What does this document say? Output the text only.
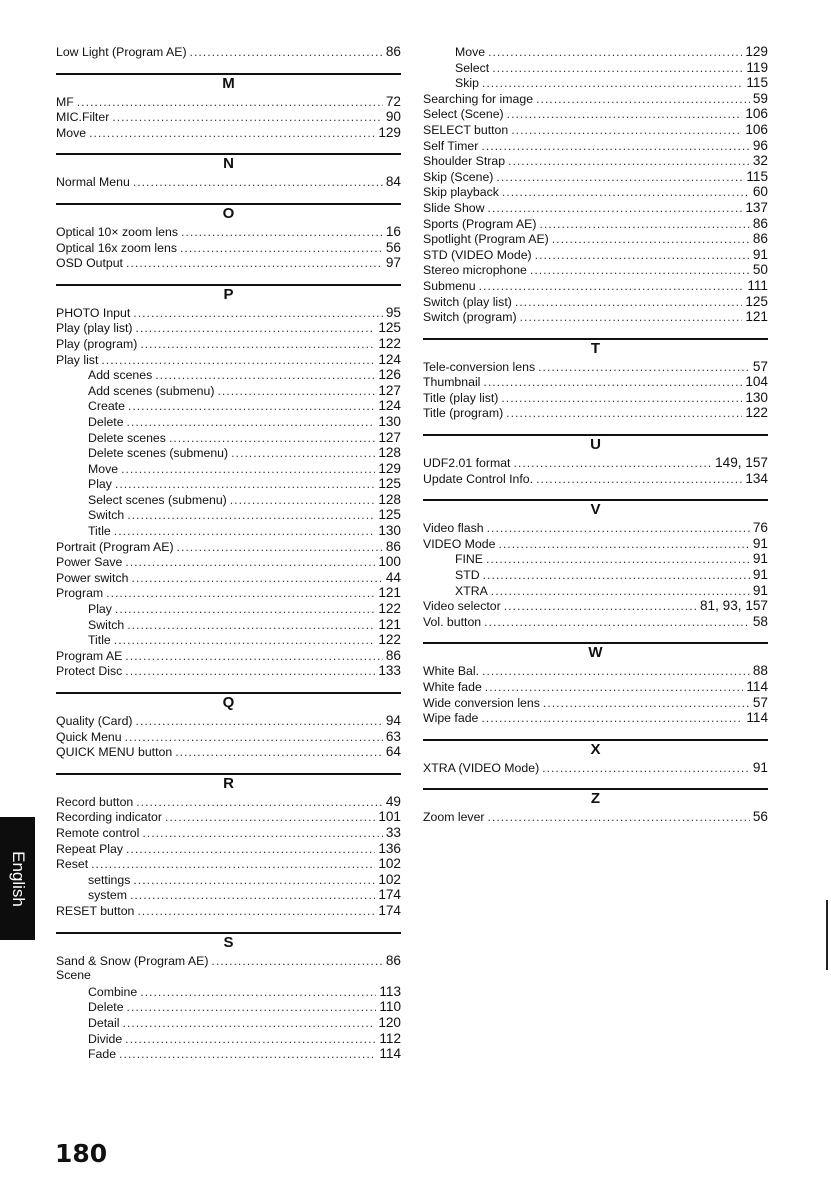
Low Light (Program AE) .....	86
M
MF .....	72
MIC.Filter .....	90
Move .....	129
N
Normal Menu .....	84
O
Optical 10× zoom lens .....	16
Optical 16x zoom lens .....	56
OSD Output .....	97
P
PHOTO Input .....	95
Play (play list) .....	125
Play (program) .....	122
Play list .....	124
Add scenes .....	126
Add scenes (submenu) .....	127
Create .....	124
Delete .....	130
Delete scenes .....	127
Delete scenes (submenu) .....	128
Move .....	129
Play .....	125
Select scenes (submenu) .....	128
Switch .....	125
Title .....	130
Portrait (Program AE) .....	86
Power Save .....	100
Power switch .....	44
Program .....	121
Play .....	122
Switch .....	121
Title .....	122
Program AE .....	86
Protect Disc .....	133
Q
Quality (Card) .....	94
Quick Menu .....	63
QUICK MENU button .....	64
R
Record button .....	49
Recording indicator .....	101
Remote control .....	33
Repeat Play .....	136
Reset .....	102
settings .....	102
system .....	174
RESET button .....	174
S
Sand & Snow (Program AE) .....	86
Scene
Combine .....	113
Delete .....	110
Detail .....	120
Divide .....	112
Fade .....	114
Move .....	129
Select .....	119
Skip .....	115
Searching for image .....	59
Select (Scene) .....	106
SELECT button .....	106
Self Timer .....	96
Shoulder Strap .....	32
Skip (Scene) .....	115
Skip playback .....	60
Slide Show .....	137
Sports (Program AE) .....	86
Spotlight (Program AE) .....	86
STD (VIDEO Mode) .....	91
Stereo microphone .....	50
Submenu .....	111
Switch (play list) .....	125
Switch (program) .....	121
T
Tele-conversion lens .....	57
Thumbnail .....	104
Title (play list) .....	130
Title (program) .....	122
U
UDF2.01 format .....	149, 157
Update Control Info. .....	134
V
Video flash .....	76
VIDEO Mode .....	91
FINE .....	91
STD .....	91
XTRA .....	91
Video selector .....	81, 93, 157
Vol. button .....	58
W
White Bal. .....	88
White fade .....	114
Wide conversion lens .....	57
Wipe fade .....	114
X
XTRA (VIDEO Mode) .....	91
Z
Zoom lever .....	56
English
180
